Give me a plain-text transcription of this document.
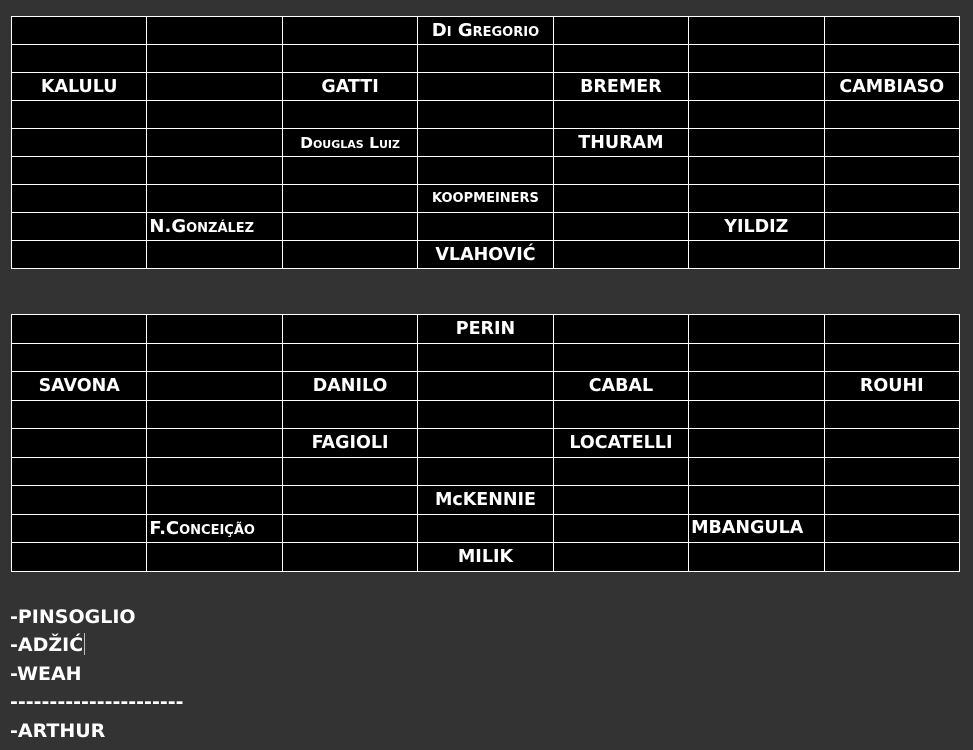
			Di Gregorio			

KALULU		GATTI		BREMER		CAMBIASO

		Douglas Luiz		THURAM		

			KOOPMEINERS			
	N.González				YILDIZ	
			VLAHOVIĆ			
			PERIN			

SAVONA		DANILO		CABAL		ROUHI

		FAGIOLI		LOCATELLI		

			McKENNIE			
	F.Conceição				MBANGULA	
			MILIK			
-PINSOGLIO
-ADŽIĆ
-WEAH
----------------------
-ARTHUR
